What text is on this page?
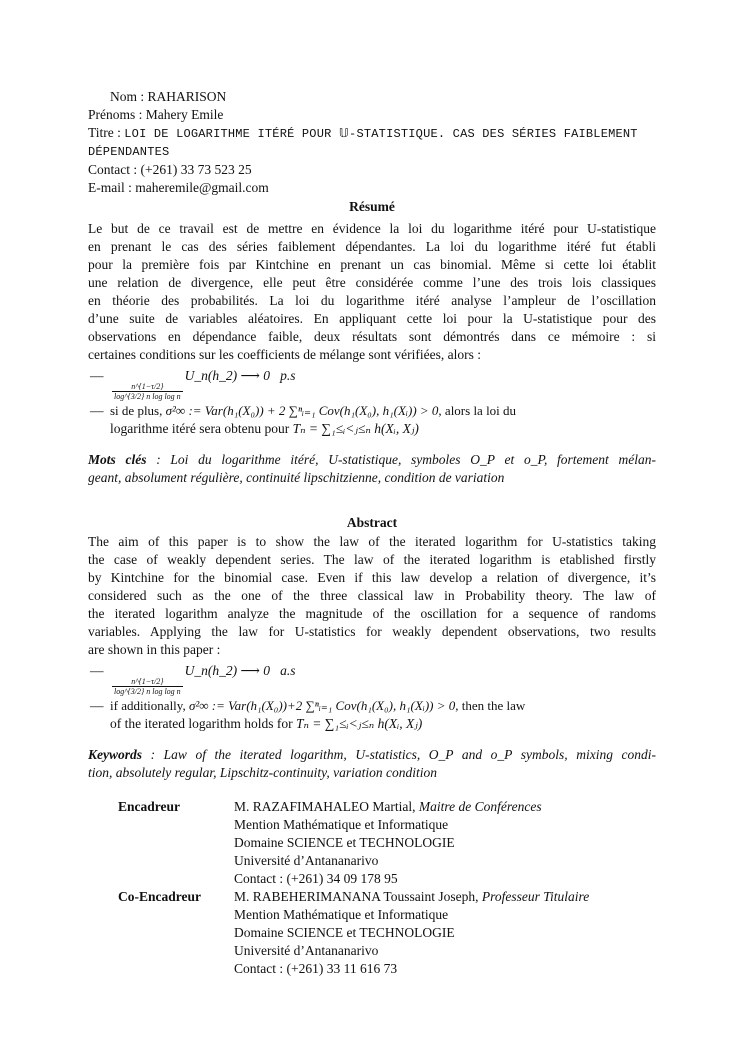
Nom : RAHARISON
Prénoms : Mahery Emile
Titre : LOI DE LOGARITHME ITÉRÉ POUR 𝕌-STATISTIQUE. CAS DES SÉRIES FAIBLEMENT
DÉPENDANTES
Contact : (+261) 33 73 523 25
E-mail : maheremile@gmail.com
Résumé
Le but de ce travail est de mettre en évidence la loi du logarithme itéré pour U-statistique
en prenant le cas des séries faiblement dépendantes. La loi du logarithme itéré fut établi
pour la première fois par Kintchine en prenant un cas binomial. Même si cette loi établit
une relation de divergence, elle peut être considérée comme l’une des trois lois classiques
en théorie des probabilités. La loi du logarithme itéré analyse l’ampleur de l’oscillation
d’une suite de variables aléatoires. En appliquant cette loi pour la U-statistique pour des
observations en dépendance faible, deux résultats sont démontrés dans ce mémoire : si
certaines conditions sur les coefficients de mélange sont vérifiées, alors :
—
$\frac{n\^{}\{1-\tau/2\}}{\text{log\textasciicircum{}\{3/2\} n log log n}}$
U_n(h_2) ⟶ 0 p.s
— si de plus, σ²∞ := Var(h₁(X₀)) + 2 ∑ⁿᵢ₌₁ Cov(h₁(X₀), h₁(Xᵢ)) > 0, alors la loi du
logarithme itéré sera obtenu pour Tₙ = ∑₁≤ᵢ<ⱼ≤ₙ h(Xᵢ, Xⱼ)
Mots clés : Loi du logarithme itéré, U-statistique, symboles O_P et o_P, fortement mélan-
geant, absolument régulière, continuité lipschitzienne, condition de variation
Abstract
The aim of this paper is to show the law of the iterated logarithm for U-statistics taking
the case of weakly dependent series. The law of the iterated logarithm is etablished firstly
by Kintchine for the binomial case. Even if this law develop a relation of divergence, it’s
considered such as the one of the three classical law in Probability theory. The law of
the iterated logarithm analyze the magnitude of the oscillation for a sequence of randoms
variables. Applying the law for U-statistics for weakly dependent observations, two results
are shown in this paper :
—
$\frac{n\^{}\{1-\tau/2\}}{\text{log\textasciicircum{}\{3/2\} n log log n}}$
U_n(h_2) ⟶ 0 a.s
— if additionally, σ²∞ := Var(h₁(X₀))+2 ∑ⁿᵢ₌₁ Cov(h₁(X₀), h₁(Xᵢ)) > 0, then the law
of the iterated logarithm holds for Tₙ = ∑₁≤ᵢ<ⱼ≤ₙ h(Xᵢ, Xⱼ)
Keywords : Law of the iterated logarithm, U-statistics, O_P and o_P symbols, mixing condi-
tion, absolutely regular, Lipschitz-continuity, variation condition
Encadreur	M. RAZAFIMAHALEO Martial, Maitre de Conférences
Mention Mathématique et Informatique
Domaine SCIENCE et TECHNOLOGIE
Université d’Antananarivo
Contact : (+261) 34 09 178 95

Co-Encadreur	M. RABEHERIMANANA Toussaint Joseph, Professeur Titulaire
Mention Mathématique et Informatique
Domaine SCIENCE et TECHNOLOGIE
Université d’Antananarivo
Contact : (+261) 33 11 616 73
